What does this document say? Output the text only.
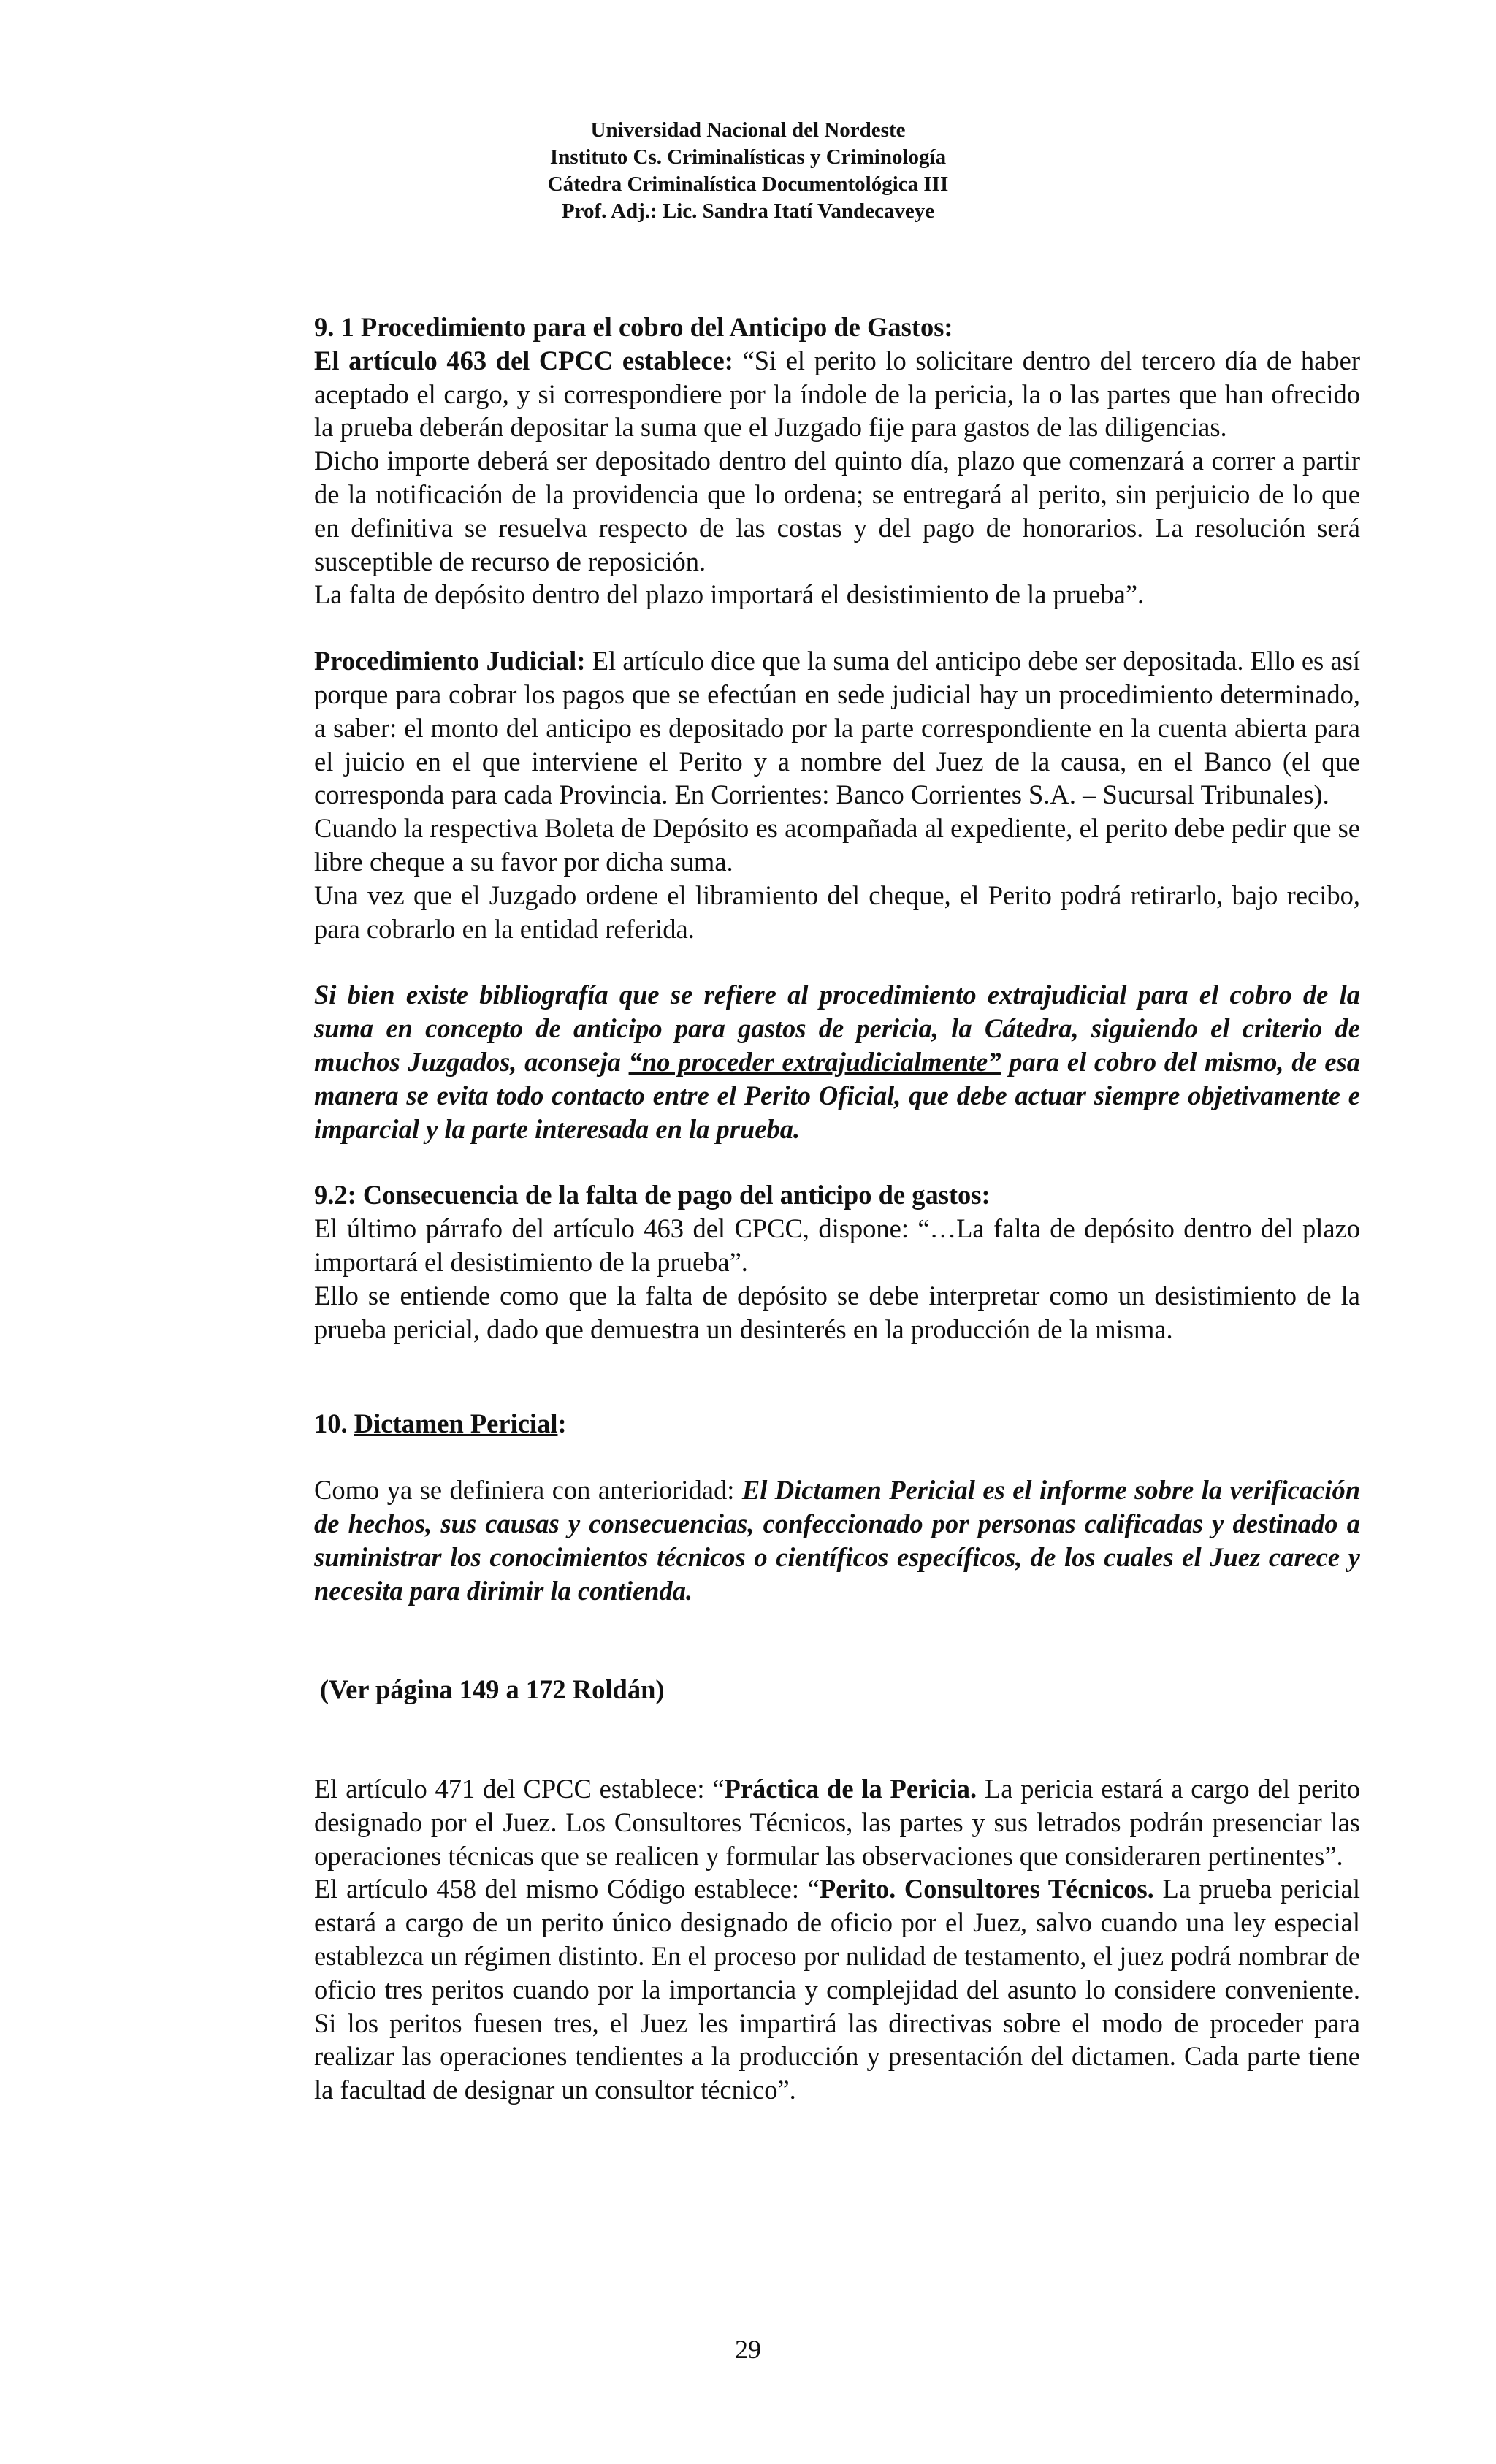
Universidad Nacional del Nordeste
Instituto Cs. Criminalísticas y Criminología
Cátedra Criminalística Documentológica III
Prof. Adj.: Lic. Sandra Itatí Vandecaveye

9. 1 Procedimiento para el cobro del Anticipo de Gastos:

El artículo 463 del CPCC establece: “Si el perito lo solicitare dentro del tercero día de haber aceptado el cargo, y si correspondiere por la índole de la pericia, la o las partes que han ofrecido la prueba deberán depositar la suma que el Juzgado fije para gastos de las diligencias.

Dicho importe deberá ser depositado dentro del quinto día, plazo que comenzará a correr a partir de la notificación de la providencia que lo ordena; se entregará al perito, sin perjuicio de lo que en definitiva se resuelva respecto de las costas y del pago de honorarios. La resolución será susceptible de recurso de reposición.

La falta de depósito dentro del plazo importará el desistimiento de la prueba”.

Procedimiento Judicial: El artículo dice que la suma del anticipo debe ser depositada. Ello es así porque para cobrar los pagos que se efectúan en sede judicial hay un procedimiento determinado, a saber: el monto del anticipo es depositado por la parte correspondiente en la cuenta abierta para el juicio en el que interviene el Perito y a nombre del Juez de la causa, en el Banco (el que corresponda para cada Provincia. En Corrientes: Banco Corrientes S.A. – Sucursal Tribunales).

Cuando la respectiva Boleta de Depósito es acompañada al expediente, el perito debe pedir que se libre cheque a su favor por dicha suma.

Una vez que el Juzgado ordene el libramiento del cheque, el Perito podrá retirarlo, bajo recibo, para cobrarlo en la entidad referida.

Si bien existe bibliografía que se refiere al procedimiento extrajudicial para el cobro de la suma en concepto de anticipo para gastos de pericia, la Cátedra, siguiendo el criterio de muchos Juzgados, aconseja “no proceder extrajudicialmente” para el cobro del mismo, de esa manera se evita todo contacto entre el Perito Oficial, que debe actuar siempre objetivamente e imparcial y la parte interesada en la prueba.

9.2: Consecuencia de la falta de pago del anticipo de gastos:

El último párrafo del artículo 463 del CPCC, dispone: “…La falta de depósito dentro del plazo importará el desistimiento de la prueba”.

Ello se entiende como que la falta de depósito se debe interpretar como un desistimiento de la prueba pericial, dado que demuestra un desinterés en la producción de la misma.

10. Dictamen Pericial:

Como ya se definiera con anterioridad: El Dictamen Pericial es el informe sobre la verificación de hechos, sus causas y consecuencias, confeccionado por personas calificadas y destinado a suministrar los conocimientos técnicos o científicos específicos, de los cuales el Juez carece y necesita para dirimir la contienda.

(Ver página 149 a 172 Roldán)

El artículo 471 del CPCC establece: “Práctica de la Pericia. La pericia estará a cargo del perito designado por el Juez. Los Consultores Técnicos, las partes y sus letrados podrán presenciar las operaciones técnicas que se realicen y formular las observaciones que consideraren pertinentes”.

El artículo 458 del mismo Código establece: “Perito. Consultores Técnicos. La prueba pericial estará a cargo de un perito único designado de oficio por el Juez, salvo cuando una ley especial establezca un régimen distinto. En el proceso por nulidad de testamento, el juez podrá nombrar de oficio tres peritos cuando por la importancia y complejidad del asunto lo considere conveniente. Si los peritos fuesen tres, el Juez les impartirá las directivas sobre el modo de proceder para realizar las operaciones tendientes a la producción y presentación del dictamen. Cada parte tiene la facultad de designar un consultor técnico”.

29
